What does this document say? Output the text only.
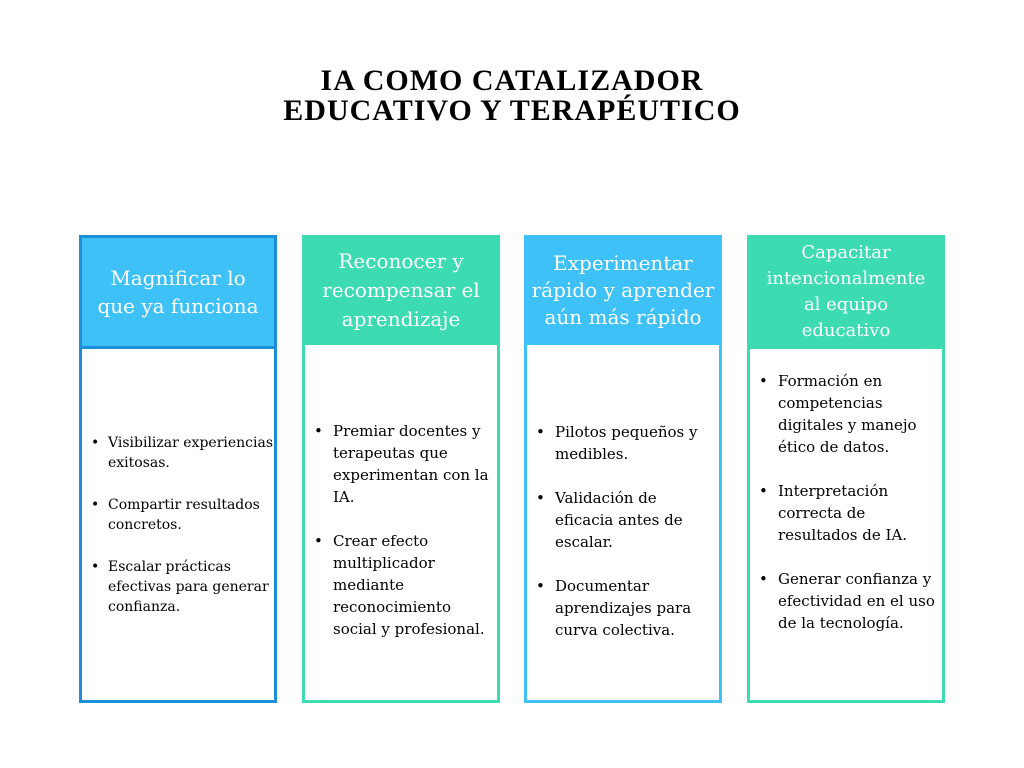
IA COMO CATALIZADOR
EDUCATIVO Y TERAPÉUTICO
Magnificar lo
que ya funciona
• Visibilizar experiencias exitosas.
• Compartir resultados concretos.
• Escalar prácticas efectivas para generar confianza.
Reconocer y
recompensar el
aprendizaje
• Premiar docentes y terapeutas que experimentan con la IA.
• Crear efecto multiplicador mediante reconocimiento social y profesional.
Experimentar
rápido y aprender
aún más rápido
• Pilotos pequeños y medibles.
• Validación de eficacia antes de escalar.
• Documentar aprendizajes para curva colectiva.
Capacitar
intencionalmente
al equipo
educativo
• Formación en competencias digitales y manejo ético de datos.
• Interpretación correcta de resultados de IA.
• Generar confianza y efectividad en el uso de la tecnología.
